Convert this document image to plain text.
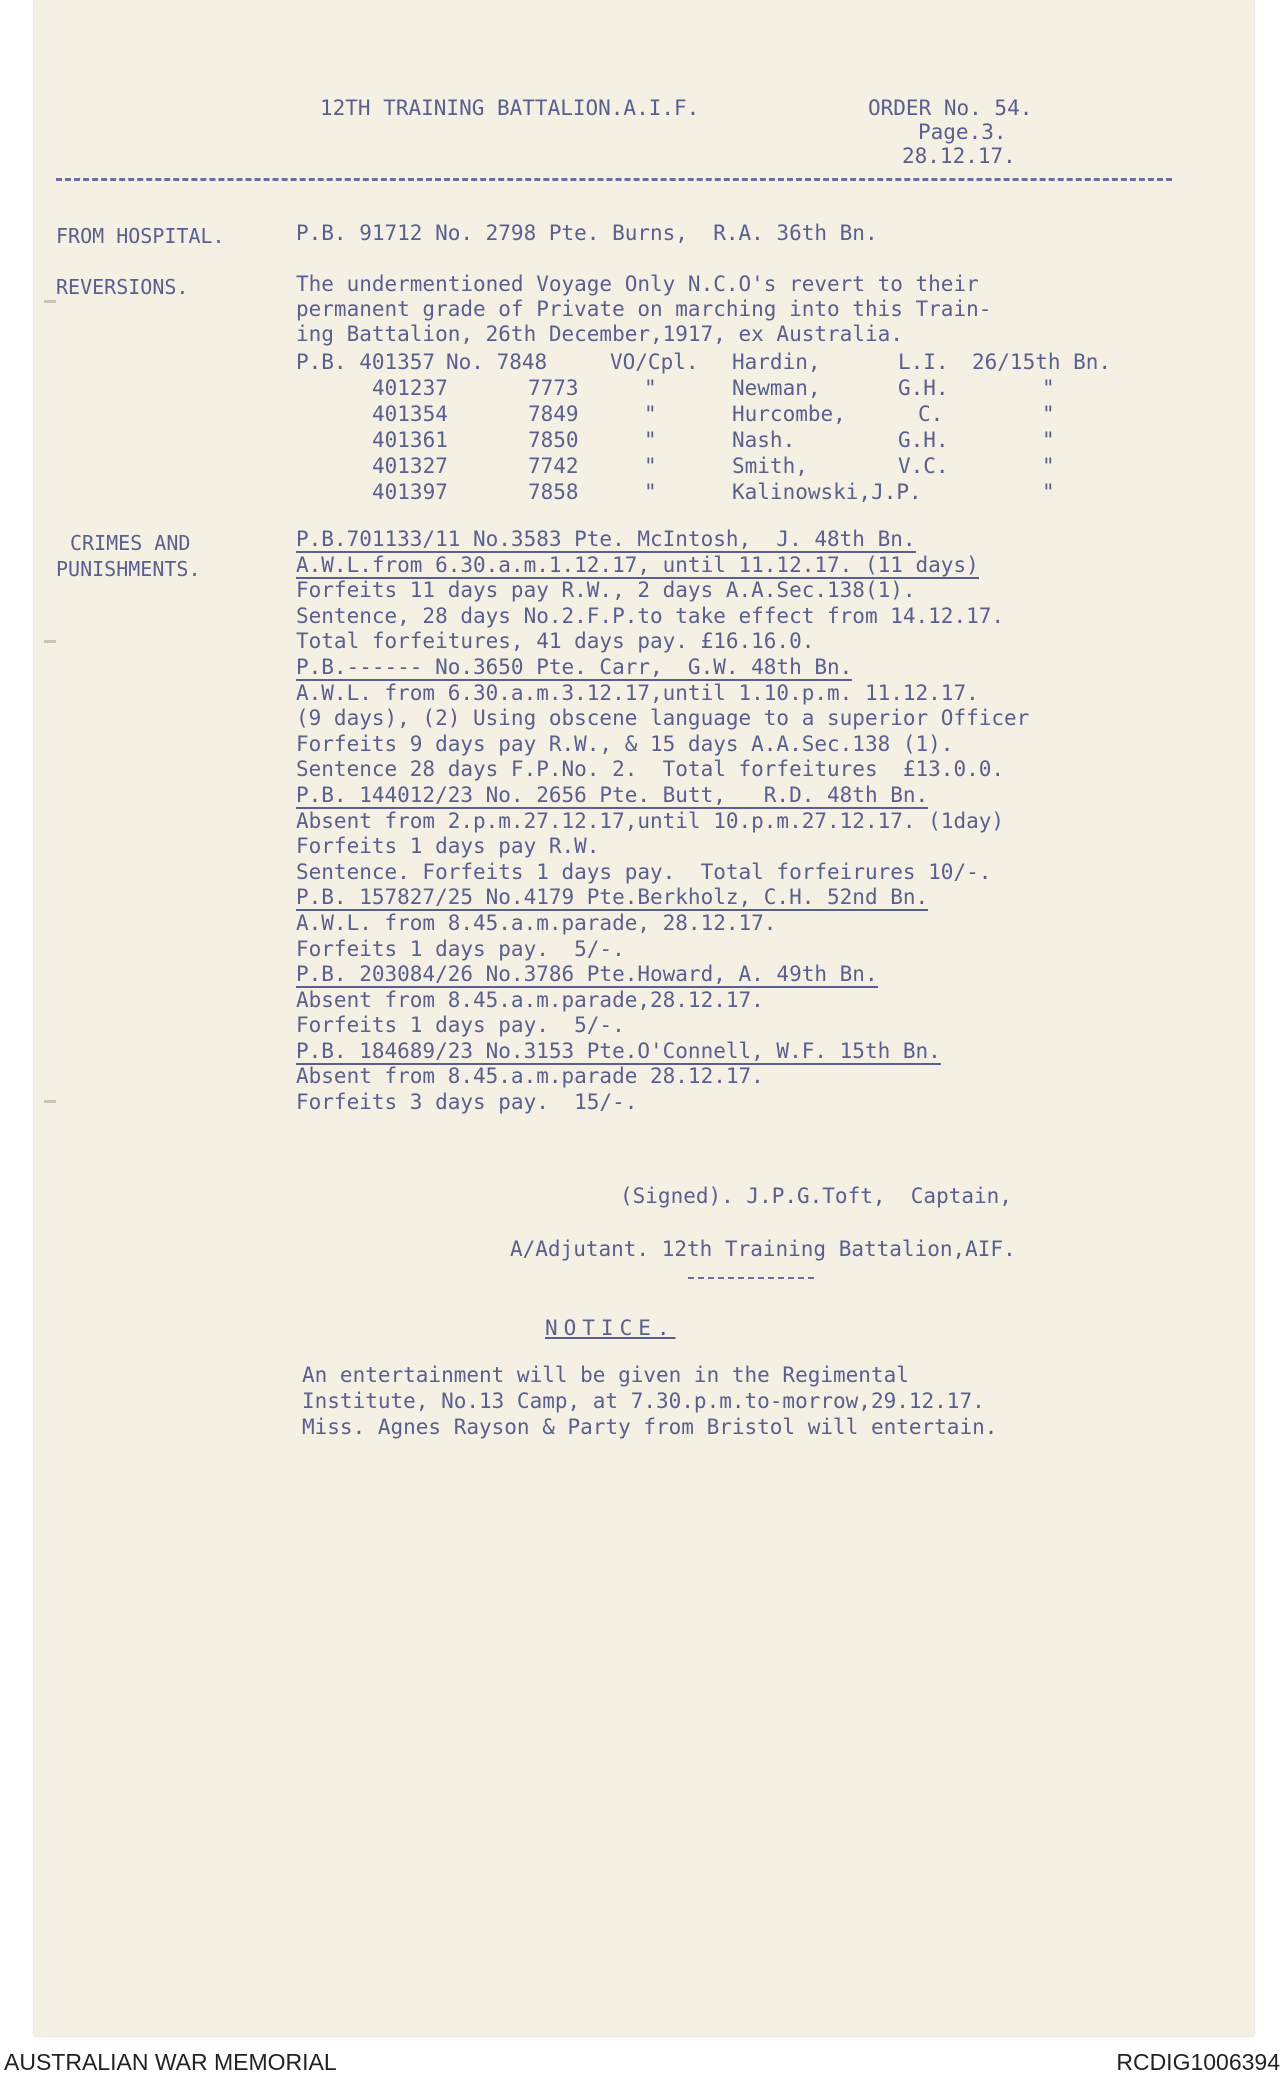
12TH TRAINING BATTALION.A.I.F.	ORDER No. 54.
Page.3.
28.12.17.
FROM HOSPITAL.	P.B. 91712 No. 2798 Pte. Burns,  R.A. 36th Bn.
REVERSIONS.	The undermentioned Voyage Only N.C.O's revert to their
permanent grade of Private on marching into this Train-
ing Battalion, 26th December,1917, ex Australia.
P.B. 401357 No. 7848	VO/Cpl. Hardin,	L.I. 26/15th Bn.
401237	7773	"	Newman,	G.H.	"
401354	7849	"	Hurcombe,	C.	"
401361	7850	"	Nash.	G.H.	"
401327	7742	"	Smith,	V.C.	"
401397	7858	"	Kalinowski,J.P.	"
CRIMES AND
PUNISHMENTS.
P.B.701133/11 No.3583 Pte. McIntosh,  J. 48th Bn.
A.W.L.from 6.30.a.m.1.12.17, until 11.12.17. (11 days)
Forfeits 11 days pay R.W., 2 days A.A.Sec.138(1).
Sentence, 28 days No.2.F.P.to take effect from 14.12.17.
Total forfeitures, 41 days pay. £16.16.0.
P.B.------ No.3650 Pte. Carr,  G.W. 48th Bn.
A.W.L. from 6.30.a.m.3.12.17,until 1.10.p.m. 11.12.17.
(9 days), (2) Using obscene language to a superior Officer
Forfeits 9 days pay R.W., & 15 days A.A.Sec.138 (1).
Sentence 28 days F.P.No. 2.  Total forfeitures  £13.0.0.
P.B. 144012/23 No. 2656 Pte. Butt,   R.D. 48th Bn.
Absent from 2.p.m.27.12.17,until 10.p.m.27.12.17. (1day)
Forfeits 1 days pay R.W.
Sentence. Forfeits 1 days pay.  Total forfeirures 10/-.
P.B. 157827/25 No.4179 Pte.Berkholz, C.H. 52nd Bn.
A.W.L. from 8.45.a.m.parade, 28.12.17.
Forfeits 1 days pay.  5/-.
P.B. 203084/26 No.3786 Pte.Howard, A. 49th Bn.
Absent from 8.45.a.m.parade,28.12.17.
Forfeits 1 days pay.  5/-.
P.B. 184689/23 No.3153 Pte.O'Connell, W.F. 15th Bn.
Absent from 8.45.a.m.parade 28.12.17.
Forfeits 3 days pay.  15/-.
(Signed). J.P.G.Toft,  Captain,
A/Adjutant. 12th Training Battalion,AIF.
NOTICE.
An entertainment will be given in the Regimental
Institute, No.13 Camp, at 7.30.p.m.to-morrow,29.12.17.
Miss. Agnes Rayson & Party from Bristol will entertain.
AUSTRALIAN WAR MEMORIAL	RCDIG1006394
